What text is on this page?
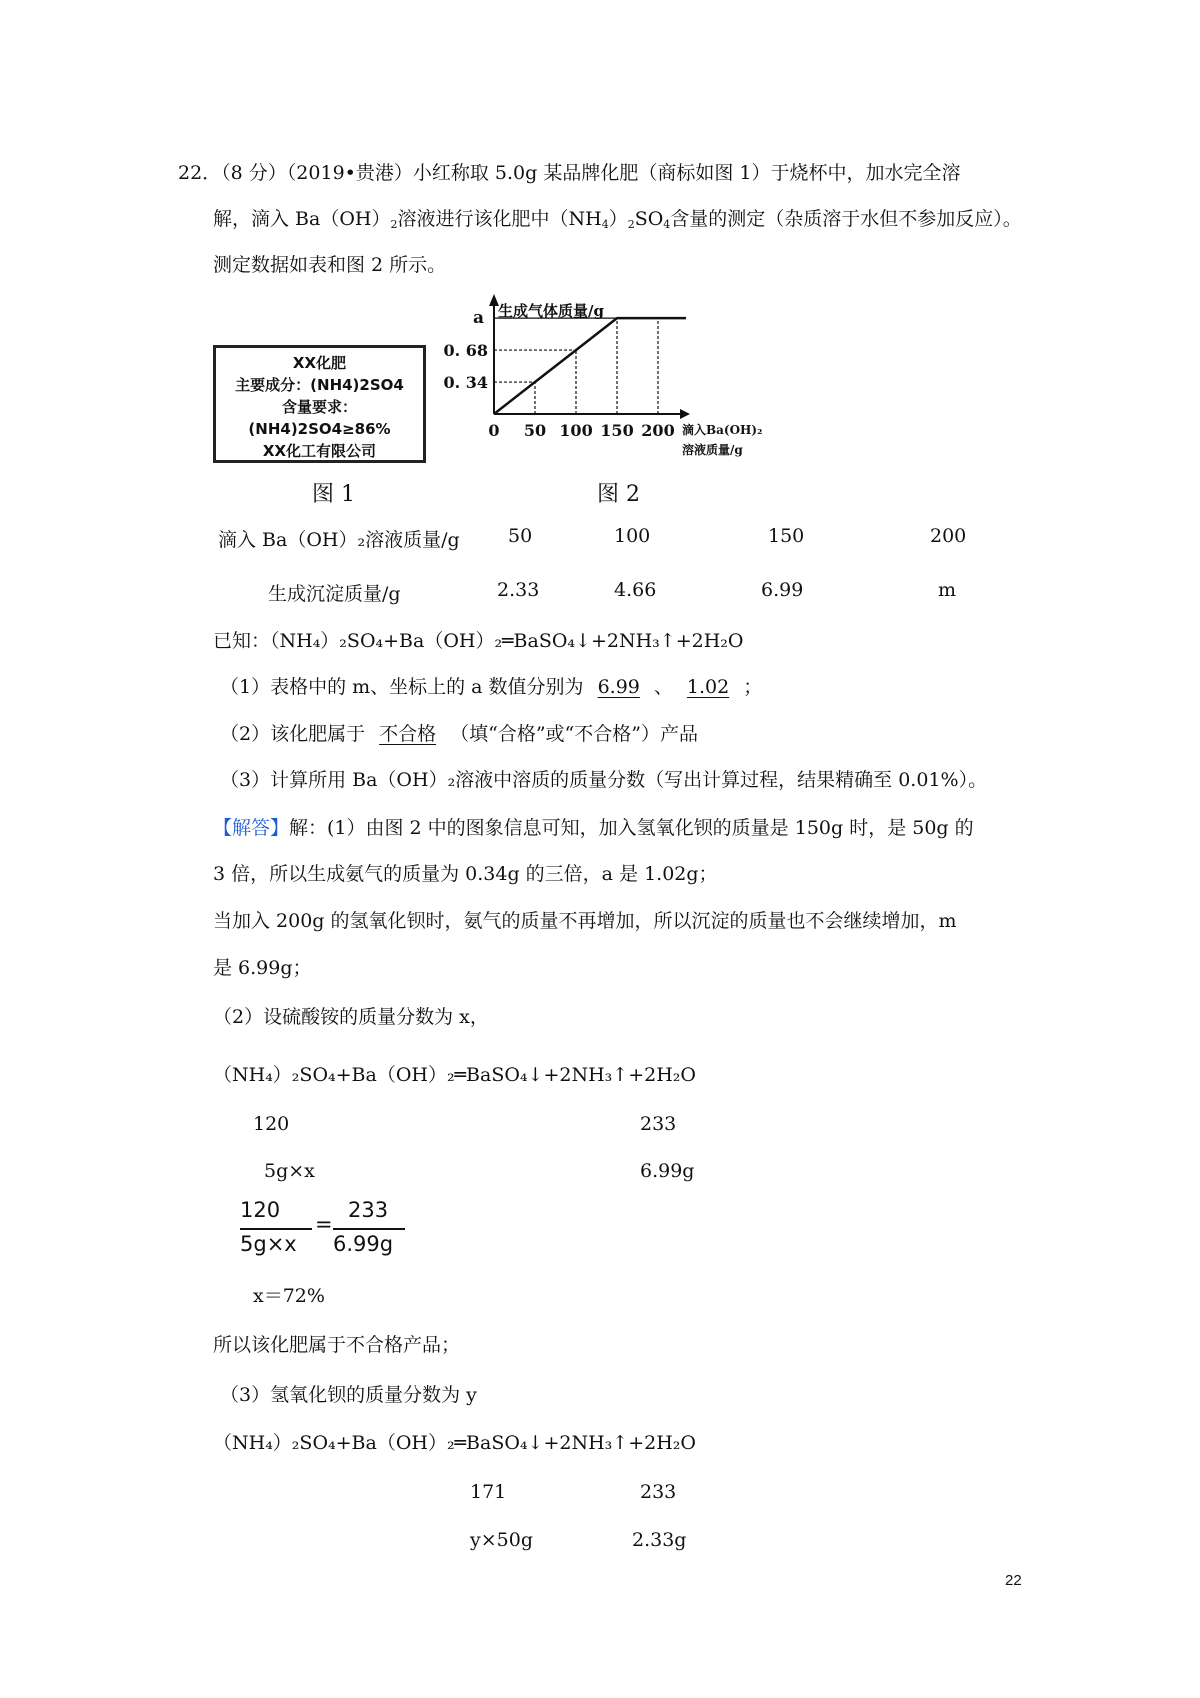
22．（8 分）（2019•贵港）小红称取 5.0g 某品牌化肥（商标如图 1）于烧杯中，加水完全溶
解，滴入 $Ba(OH)_2$溶液进行该化肥中$(NH_4)_2SO_4$含量的测定（杂质溶于水但不参加反应）。
测定数据如表和图 2 所示。
XX化肥
主要成分：(NH4)2SO4
含量要求：(NH4)2SO4≥86%
XX化工有限公司
图 1
生成气体质量/g
a
0. 68
0. 34
0 50 100 150 200 滴入Ba(OH)₂
溶液质量/g
图 2
滴入 Ba（OH）₂溶液质量/g	50	100	150	200
生成沉淀质量/g	2.33	4.66	6.99	m
已知：（NH₄）₂SO₄+Ba（OH）₂═BaSO₄↓+2NH₃↑+2H₂O
（1）表格中的 m、坐标上的 a 数值分别为 6.99 、 1.02 ；
（2）该化肥属于 不合格 （填“合格”或“不合格”）产品
（3）计算所用 Ba（OH）₂溶液中溶质的质量分数（写出计算过程，结果精确至 0.01%）。
【解答】解：(1）由图 2 中的图象信息可知，加入氢氧化钡的质量是 150g 时，是 50g 的
3 倍，所以生成氨气的质量为 0.34g 的三倍，a 是 1.02g；
当加入 200g 的氢氧化钡时，氨气的质量不再增加，所以沉淀的质量也不会继续增加，m
是 6.99g；
（2）设硫酸铵的质量分数为 x，
（NH₄）₂SO₄+Ba（OH）₂═BaSO₄↓+2NH₃↑+2H₂O
120	233
5g×x	6.99g
120
5g×x
=
233
6.99g
x＝72%
所以该化肥属于不合格产品；
（3）氢氧化钡的质量分数为 y
（NH₄）₂SO₄+Ba（OH）₂═BaSO₄↓+2NH₃↑+2H₂O
171	233
y×50g	2.33g
22
